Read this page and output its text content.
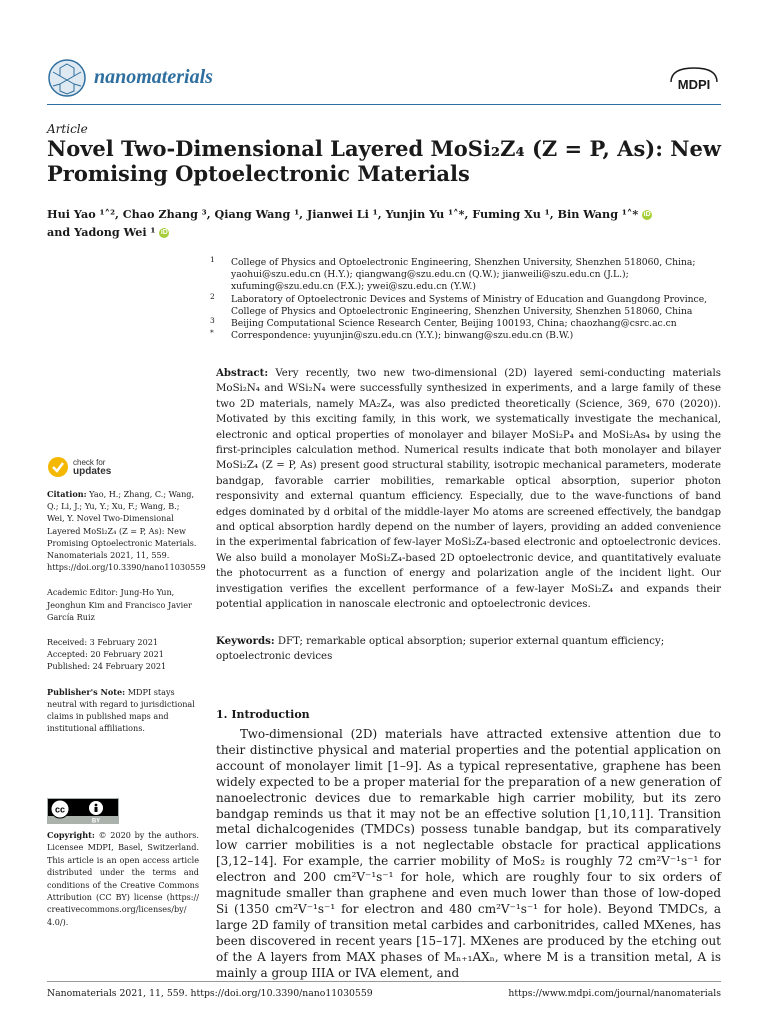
nanomaterials	MDPI
Article
Novel Two-Dimensional Layered MoSi₂Z₄ (Z = P, As): New
Promising Optoelectronic Materials
Hui Yao ¹˄², Chao Zhang ³, Qiang Wang ¹, Jianwei Li ¹, Yunjin Yu ¹˄*, Fuming Xu ¹, Bin Wang ¹˄* iD
and Yadong Wei ¹ iD
1 College of Physics and Optoelectronic Engineering, Shenzhen University, Shenzhen 518060, China; yaohui@szu.edu.cn (H.Y.); qiangwang@szu.edu.cn (Q.W.); jianweili@szu.edu.cn (J.L.); xufuming@szu.edu.cn (F.X.); ywei@szu.edu.cn (Y.W.)
2 Laboratory of Optoelectronic Devices and Systems of Ministry of Education and Guangdong Province, College of Physics and Optoelectronic Engineering, Shenzhen University, Shenzhen 518060, China
3 Beijing Computational Science Research Center, Beijing 100193, China; chaozhang@csrc.ac.cn
* Correspondence: yuyunjin@szu.edu.cn (Y.Y.); binwang@szu.edu.cn (B.W.)
Abstract: Very recently, two new two-dimensional (2D) layered semi-conducting materials MoSi₂N₄ and WSi₂N₄ were successfully synthesized in experiments, and a large family of these two 2D materials, namely MA₂Z₄, was also predicted theoretically (Science, 369, 670 (2020)). Motivated by this exciting family, in this work, we systematically investigate the mechanical, electronic and optical properties of monolayer and bilayer MoSi₂P₄ and MoSi₂As₄ by using the first-principles calculation method. Numerical results indicate that both monolayer and bilayer MoSi₂Z₄ (Z = P, As) present good structural stability, isotropic mechanical parameters, moderate bandgap, favorable carrier mobilities, remarkable optical absorption, superior photon responsivity and external quantum efficiency. Especially, due to the wave-functions of band edges dominated by d orbital of the middle-layer Mo atoms are screened effectively, the bandgap and optical absorption hardly depend on the number of layers, providing an added convenience in the experimental fabrication of few-layer MoSi₂Z₄-based electronic and optoelectronic devices. We also build a monolayer MoSi₂Z₄-based 2D optoelectronic device, and quantitatively evaluate the photocurrent as a function of energy and polarization angle of the incident light. Our investigation verifies the excellent performance of a few-layer MoSi₂Z₄ and expands their potential application in nanoscale electronic and optoelectronic devices.
Keywords: DFT; remarkable optical absorption; superior external quantum efficiency; optoelectronic devices
check for
updates
Citation: Yao, H.; Zhang, C.; Wang, Q.; Li, J.; Yu, Y.; Xu, F.; Wang, B.; Wei, Y. Novel Two-Dimensional Layered MoSi₂Z₄ (Z = P, As): New Promising Optoelectronic Materials. Nanomaterials 2021, 11, 559. https://doi.org/10.3390/nano11030559
Academic Editor: Jung-Ho Yun, Jeonghun Kim and Francisco Javier García Ruiz
Received: 3 February 2021
Accepted: 20 February 2021
Published: 24 February 2021
Publisher's Note: MDPI stays neutral with regard to jurisdictional claims in published maps and institutional affiliations.
cc
BY
Copyright: © 2020 by the authors. Licensee MDPI, Basel, Switzerland. This article is an open access article distributed under the terms and conditions of the Creative Commons Attribution (CC BY) license (https:// creativecommons.org/licenses/by/ 4.0/).
1. Introduction

Two-dimensional (2D) materials have attracted extensive attention due to their distinctive physical and material properties and the potential application on account of monolayer limit [1–9]. As a typical representative, graphene has been widely expected to be a proper material for the preparation of a new generation of nanoelectronic devices due to remarkable high carrier mobility, but its zero bandgap reminds us that it may not be an effective solution [1,10,11]. Transition metal dichalcogenides (TMDCs) possess tunable bandgap, but its comparatively low carrier mobilities is a not neglectable obstacle for practical applications [3,12–14]. For example, the carrier mobility of MoS₂ is roughly 72 cm²V⁻¹s⁻¹ for electron and 200 cm²V⁻¹s⁻¹ for hole, which are roughly four to six orders of magnitude smaller than graphene and even much lower than those of low-doped Si (1350 cm²V⁻¹s⁻¹ for electron and 480 cm²V⁻¹s⁻¹ for hole). Beyond TMDCs, a large 2D family of transition metal carbides and carbonitrides, called MXenes, has been discovered in recent years [15–17]. MXenes are produced by the etching out of the A layers from MAX phases of Mₙ₊₁AXₙ, where M is a transition metal, A is mainly a group IIIA or IVA element, and

Nanomaterials 2021, 11, 559. https://doi.org/10.3390/nano11030559	https://www.mdpi.com/journal/nanomaterials
